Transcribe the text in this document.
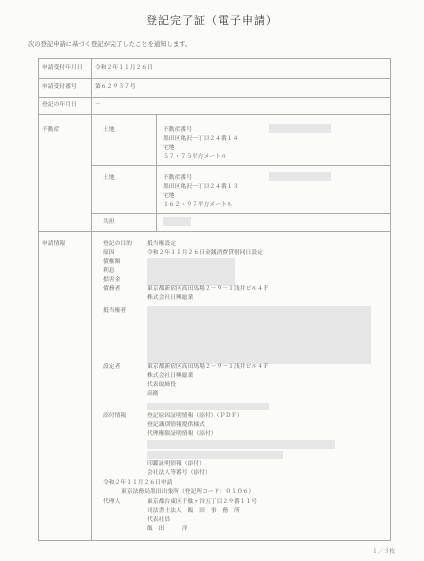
登記完了証（電子申請）
次の登記申請に基づく登記が完了したことを通知します。
申請受付年月日 令和２年１１月２６日
申請受付番号	第６２９３７号
登記の年月日	－
不動産	土地	不動産番号
墨田区亀沢一丁目２４番１４
宅地
５７・７５平方メートル
土地	不動産番号
墨田区亀沢一丁目２４番１３
宅地
１６２・９７平方メートル
共担
申請情報	登記の目的	抵当権設定
原因	令和２年１１月２６日金銭消費貸借同日設定
債権額
利息
損害金
債務者	東京都新宿区高田馬場２－９－１浅井ビル４Ｆ
株式会社日興総業
抵当権者
設定者	東京都新宿区高田馬場２－９－１浅井ビル４Ｆ
株式会社日興総業
代表取締役
高衛
添付情報	登記原因証明情報（添付）（ＰＤＦ）
登記識別情報提供様式
代理権限証明情報（添付）
印鑑証明情報（添付）
会社法人等番号（添付）
令和２年１１月２６日申請
東京法務局墨田出張所（登記所コード：０１０６）
代理人	東京都台東区千駄ヶ谷五丁目２９番１１号
司法書士法人　飯　田　事　務　所
代表社員
飯　田　　　洋
１／３枚
